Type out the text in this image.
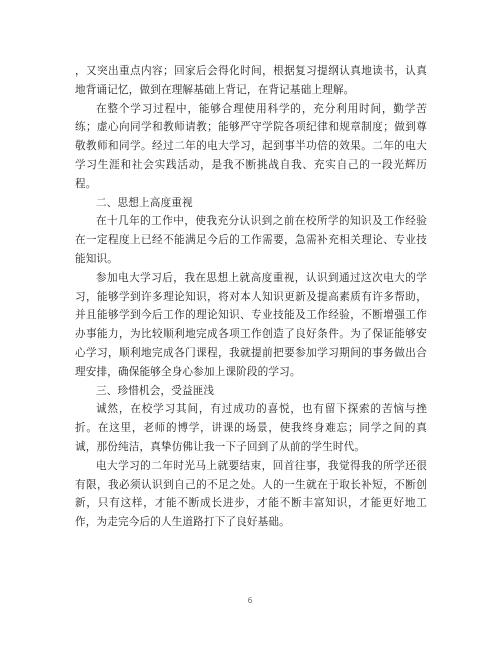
，又突出重点内容；回家后会得化时间，根据复习提纲认真地读书，认真地背诵记忆，做到在理解基础上背记，在背记基础上理解。

在整个学习过程中，能够合理使用科学的，充分利用时间，勤学苦练；虚心向同学和教师请教；能够严守学院各项纪律和规章制度；做到尊敬教师和同学。经过二年的电大学习，起到事半功倍的效果。二年的电大学习生涯和社会实践活动，是我不断挑战自我、充实自己的一段光辉历程。

二、思想上高度重视

在十几年的工作中，使我充分认识到之前在校所学的知识及工作经验在一定程度上已经不能满足今后的工作需要，急需补充相关理论、专业技能知识。

参加电大学习后，我在思想上就高度重视，认识到通过这次电大的学习，能够学到许多理论知识，将对本人知识更新及提高素质有许多帮助，并且能够学到今后工作的理论知识、专业技能及工作经验，不断增强工作办事能力，为比较顺利地完成各项工作创造了良好条件。为了保证能够安心学习，顺利地完成各门课程，我就提前把要参加学习期间的事务做出合理安排，确保能够全身心参加上课阶段的学习。

三、珍惜机会，受益匪浅

诚然，在校学习其间，有过成功的喜悦，也有留下探索的苦恼与挫折。在这里，老师的博学，讲课的场景，使我终身难忘；同学之间的真诚，那份纯洁，真挚仿佛让我一下子回到了从前的学生时代。

电大学习的二年时光马上就要结束，回首往事，我觉得我的所学还很有限，我必须认识到自己的不足之处。人的一生就在于取长补短，不断创新，只有这样，才能不断成长进步，才能不断丰富知识，才能更好地工作，为走完今后的人生道路打下了良好基础。

6
